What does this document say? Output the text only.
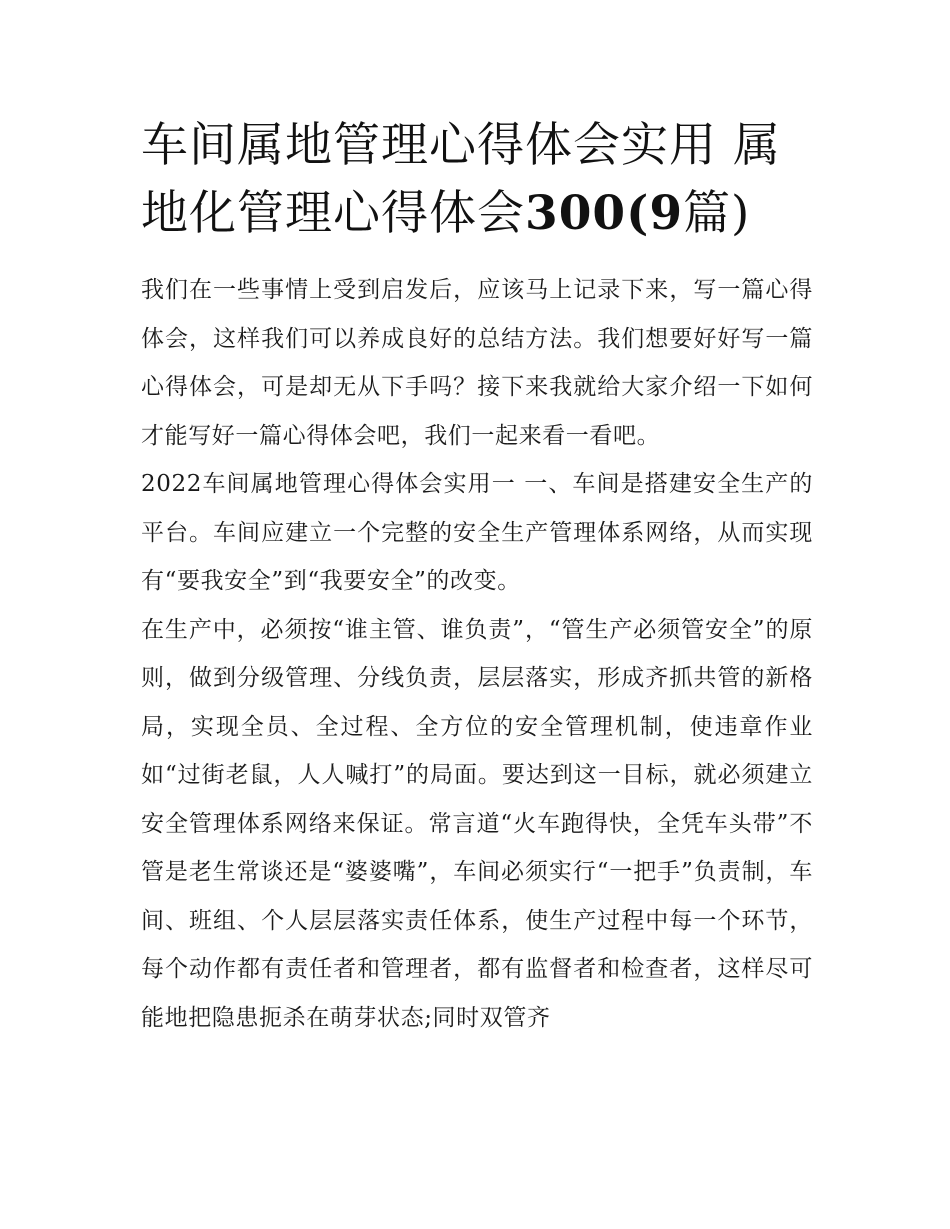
车间属地管理心得体会实用 属地化管理心得体会300(9篇)

我们在一些事情上受到启发后，应该马上记录下来，写一篇心得体会，这样我们可以养成良好的总结方法。我们想要好好写一篇心得体会，可是却无从下手吗？接下来我就给大家介绍一下如何才能写好一篇心得体会吧，我们一起来看一看吧。

2022车间属地管理心得体会实用一 一、车间是搭建安全生产的平台。车间应建立一个完整的安全生产管理体系网络，从而实现有“要我安全”到“我要安全”的改变。

在生产中，必须按“谁主管、谁负责”，“管生产必须管安全”的原则，做到分级管理、分线负责，层层落实，形成齐抓共管的新格局，实现全员、全过程、全方位的安全管理机制，使违章作业如“过街老鼠，人人喊打”的局面。要达到这一目标，就必须建立安全管理体系网络来保证。常言道“火车跑得快，全凭车头带”不管是老生常谈还是“婆婆嘴”，车间必须实行“一把手”负责制，车间、班组、个人层层落实责任体系，使生产过程中每一个环节，每个动作都有责任者和管理者，都有监督者和检查者，这样尽可能地把隐患扼杀在萌芽状态;同时双管齐
